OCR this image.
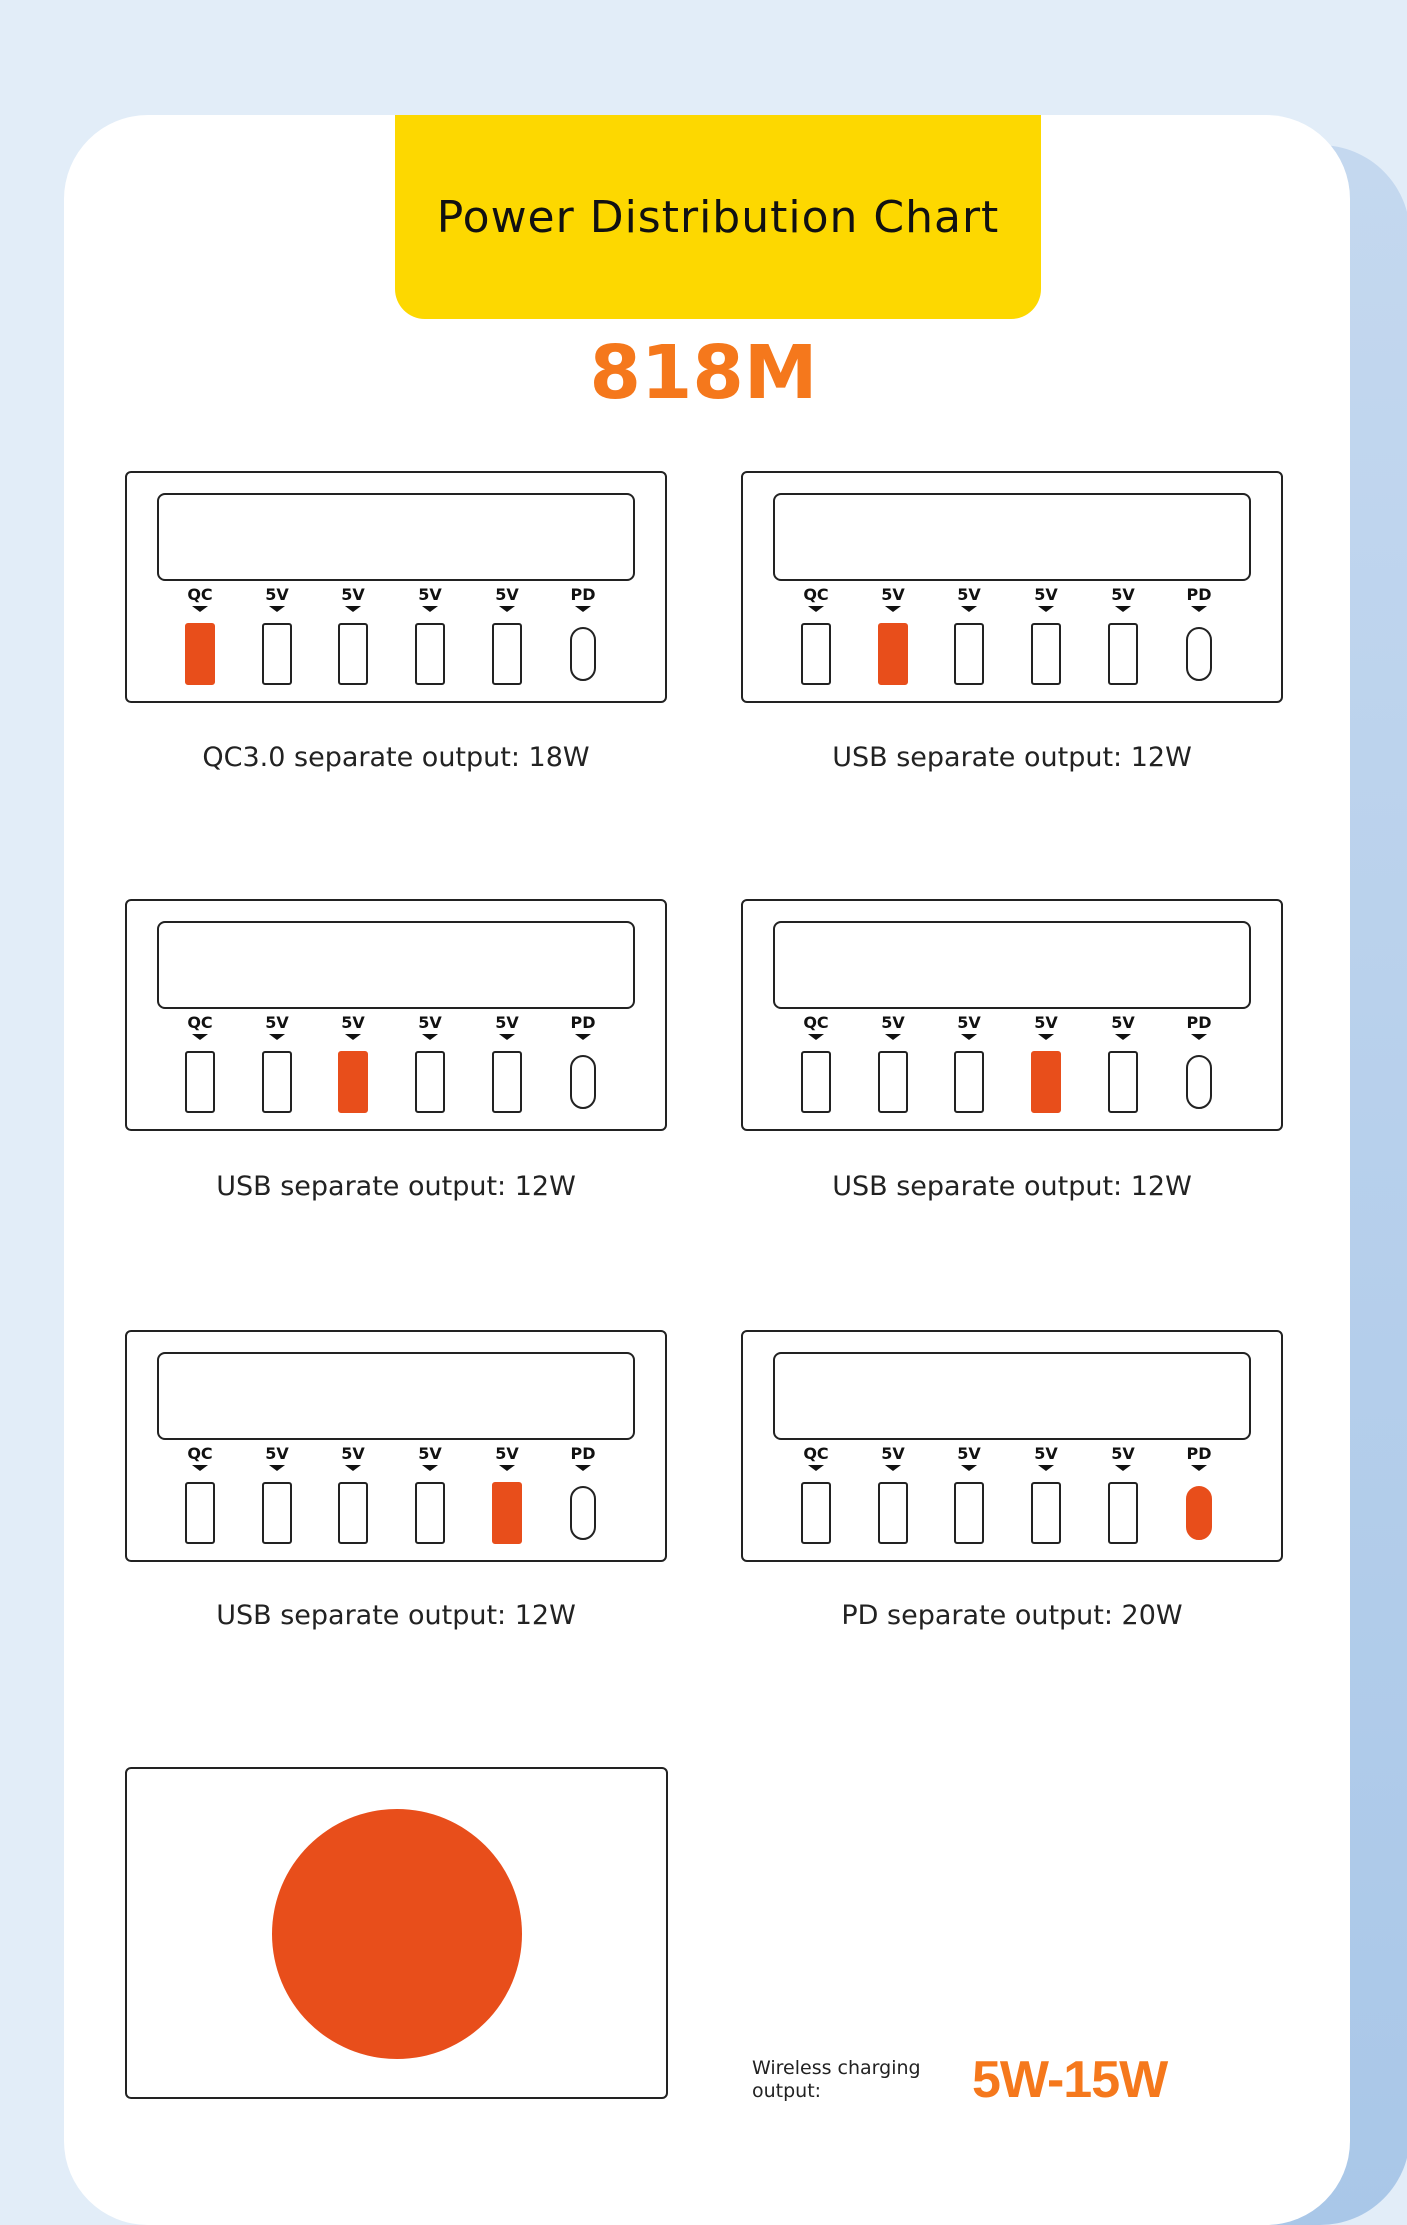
Power Distribution Chart
818M
QC	5V	5V	5V	5V	PD
QC3.0 separate output: 18W
QC	5V	5V	5V	5V	PD
USB separate output: 12W
QC	5V	5V	5V	5V	PD
USB separate output: 12W
QC	5V	5V	5V	5V	PD
USB separate output: 12W
QC	5V	5V	5V	5V	PD
USB separate output: 12W
QC	5V	5V	5V	5V	PD
PD separate output: 20W
Wireless charging output:	5W-15W
